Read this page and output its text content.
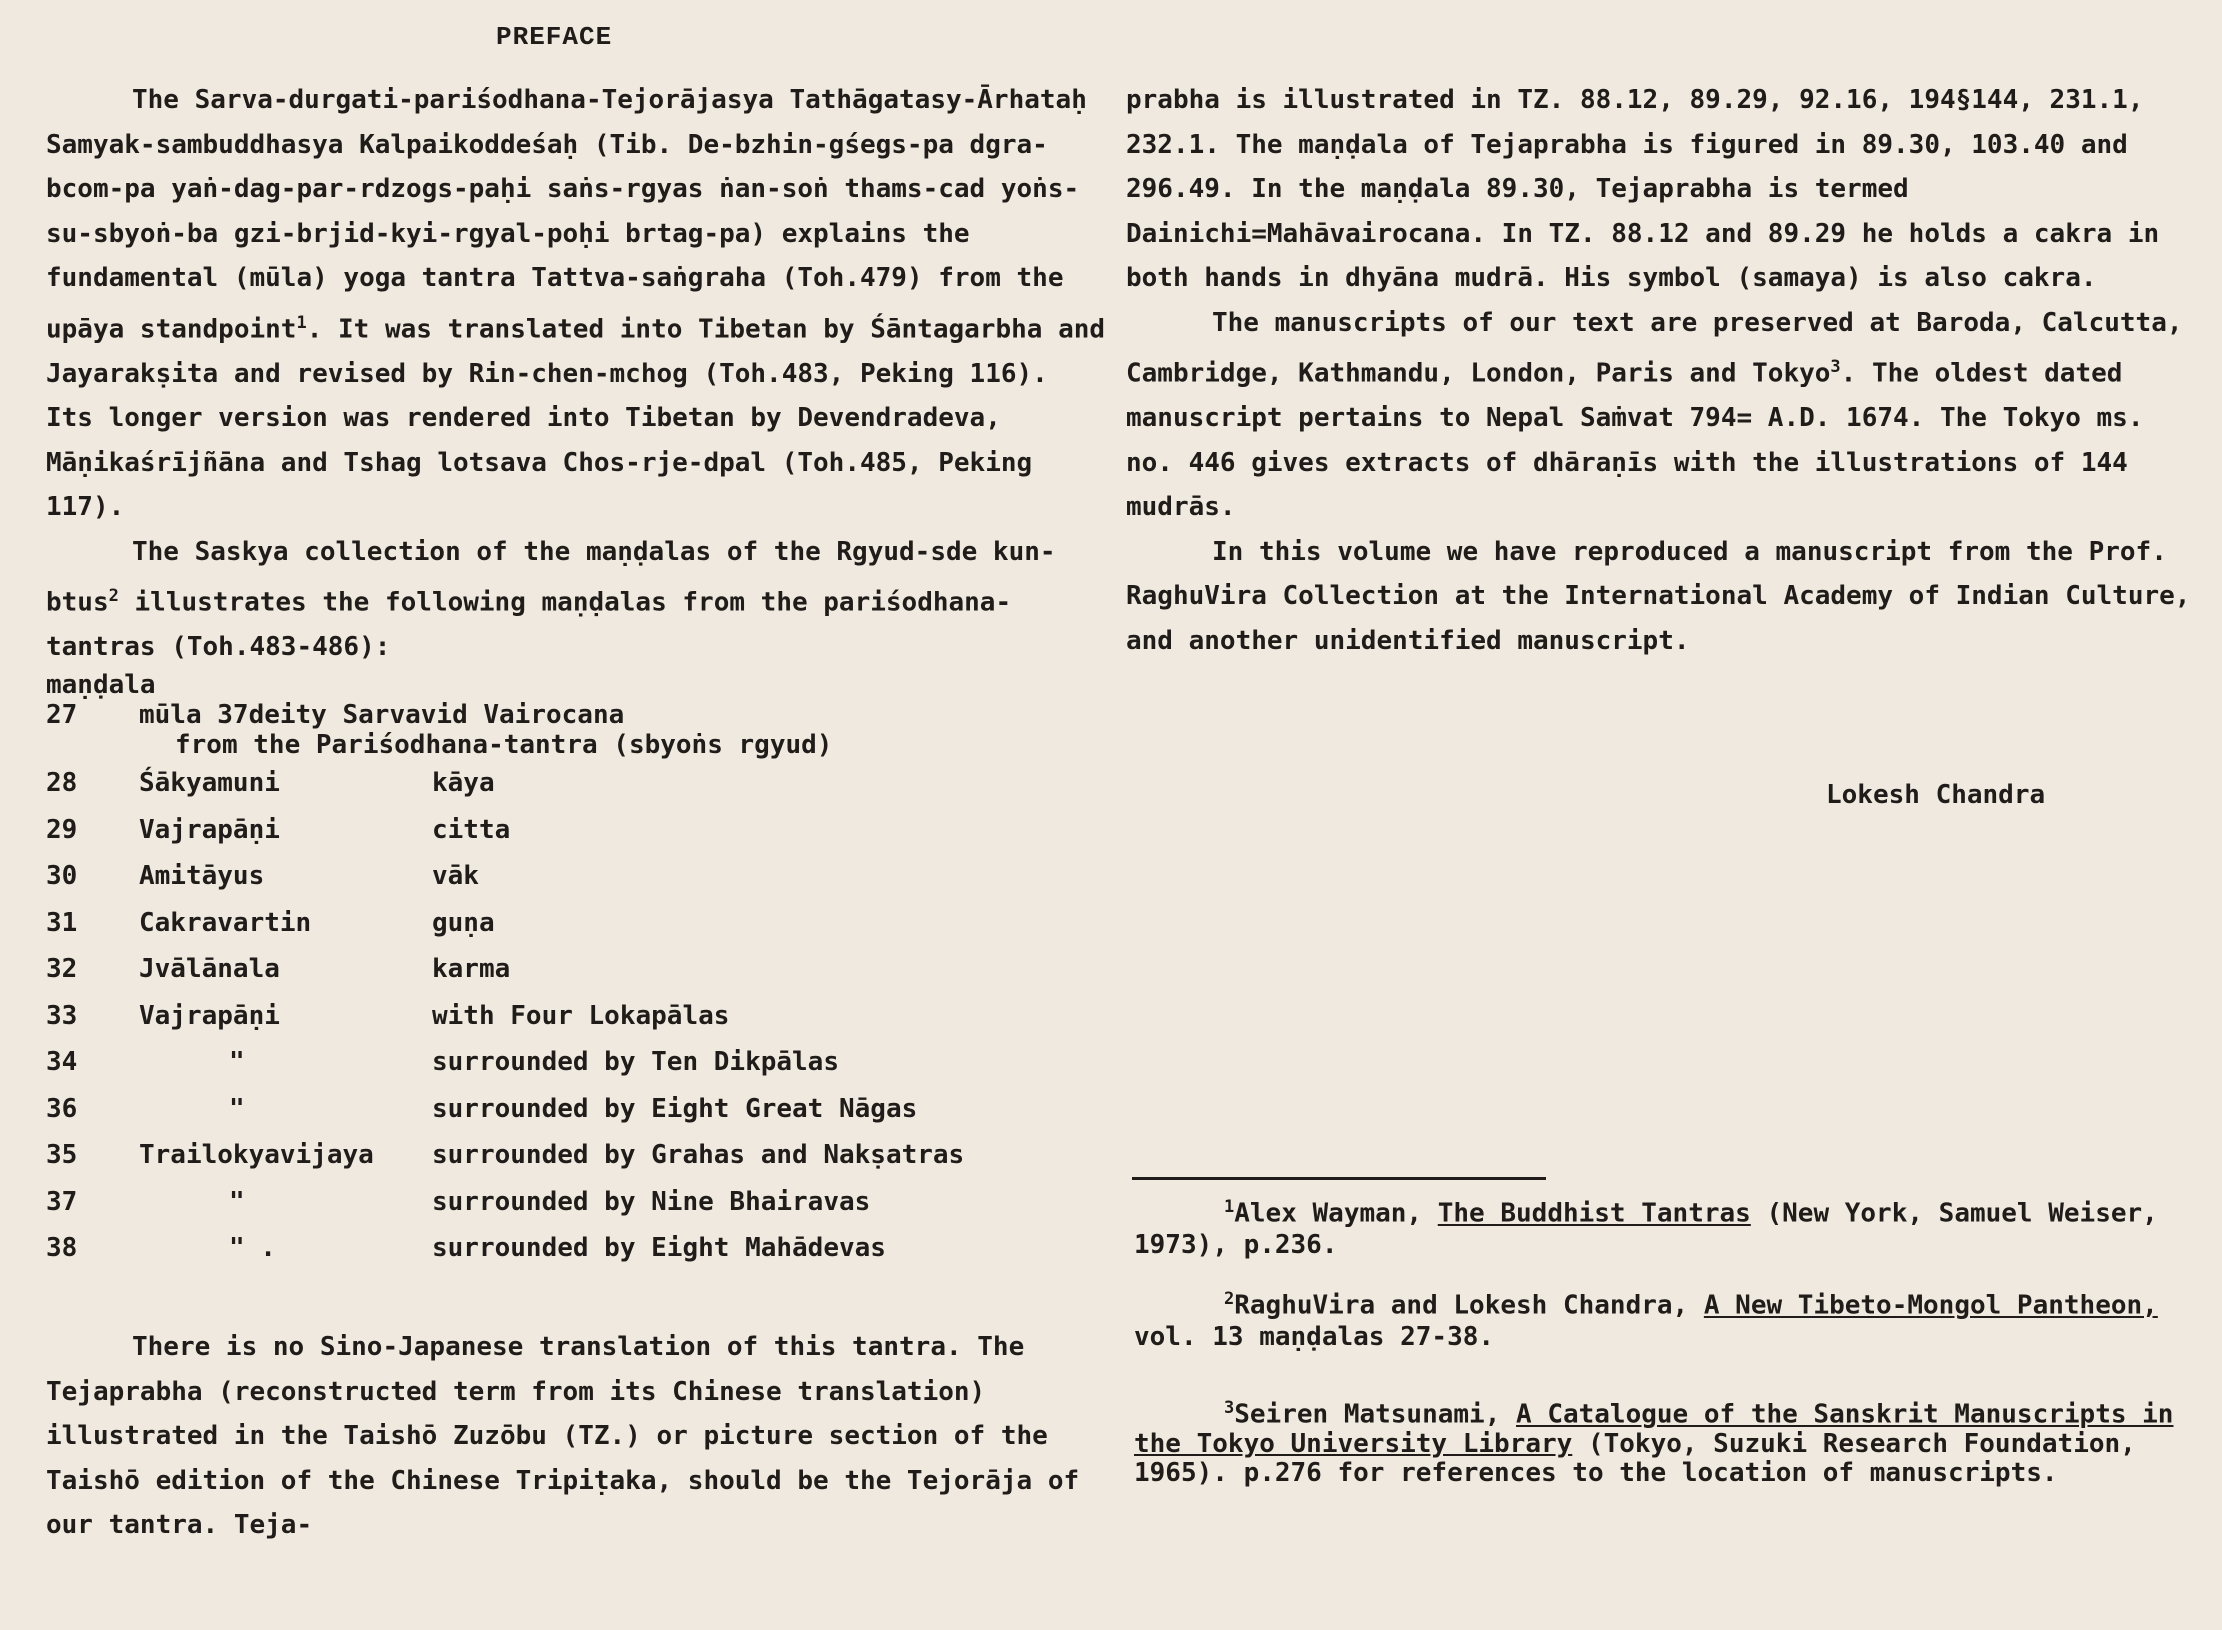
PREFACE

The Sarva-durgati-pariśodhana-Tejorājasya Tathāgatasy-Ārhataḥ Samyak-sambuddhasya Kalpaikoddeśaḥ (Tib. De-bzhin-gśegs-pa dgra-bcom-pa yaṅ-dag-par-rdzogs-paḥi saṅs-rgyas ṅan-soṅ thams-cad yoṅs-su-sbyoṅ-ba gzi-brjid-kyi-rgyal-poḥi brtag-pa) explains the fundamental (mūla) yoga tantra Tattva-saṅgraha (Toh.479) from the upāya standpoint$^1$. It was translated into Tibetan by Śāntagarbha and Jayarakṣita and revised by Rin-chen-mchog (Toh.483, Peking 116). Its longer version was rendered into Tibetan by Devendradeva, Māṇikaśrījñāna and Tshag lotsava Chos-rje-dpal (Toh.485, Peking 117).

The Saskya collection of the maṇḍalas of the Rgyud-sde kun-btus$^2$ illustrates the following maṇḍalas from the pariśodhana-tantras (Toh.483-486):

maṇḍala

27	mūla 37deity Sarvavid Vairocana
from the Pariśodhana-tantra (sbyoṅs rgyud)
28	Śākyamuni	kāya
29	Vajrapāṇi	citta
30	Amitāyus	vāk
31	Cakravartin	guṇa
32	Jvālānala	karma
33	Vajrapāṇi	with Four Lokapālas
34	"	surrounded by Ten Dikpālas
36	"	surrounded by Eight Great Nāgas
35	Trailokyavijaya	surrounded by Grahas and Nakṣatras
37	"	surrounded by Nine Bhairavas
38	" .	surrounded by Eight Mahādevas

There is no Sino-Japanese translation of this tantra. The Tejaprabha (reconstructed term from its Chinese translation) illustrated in the Taishō Zuzōbu (TZ.) or picture section of the Taishō edition of the Chinese Tripiṭaka, should be the Tejorāja of our tantra. Teja-

prabha is illustrated in TZ. 88.12, 89.29, 92.16, 194§144, 231.1, 232.1. The maṇḍala of Tejaprabha is figured in 89.30, 103.40 and 296.49. In the maṇḍala 89.30, Tejaprabha is termed Dainichi=Mahāvairocana. In TZ. 88.12 and 89.29 he holds a cakra in both hands in dhyāna mudrā. His symbol (samaya) is also cakra.

The manuscripts of our text are preserved at Baroda, Calcutta, Cambridge, Kathmandu, London, Paris and Tokyo$^3$. The oldest dated manuscript pertains to Nepal Saṁvat 794= A.D. 1674. The Tokyo ms. no. 446 gives extracts of dhāraṇīs with the illustrations of 144 mudrās.

In this volume we have reproduced a manuscript from the Prof. RaghuVira Collection at the International Academy of Indian Culture, and another unidentified manuscript.

Lokesh Chandra

$^1$Alex Wayman, The Buddhist Tantras (New York, Samuel Weiser, 1973), p.236.

$^2$RaghuVira and Lokesh Chandra, A New Tibeto-Mongol Pantheon, vol. 13 maṇḍalas 27-38.

$^3$Seiren Matsunami, A Catalogue of the Sanskrit Manuscripts in the Tokyo University Library (Tokyo, Suzuki Research Foundation, 1965). p.276 for references to the location of manuscripts.
